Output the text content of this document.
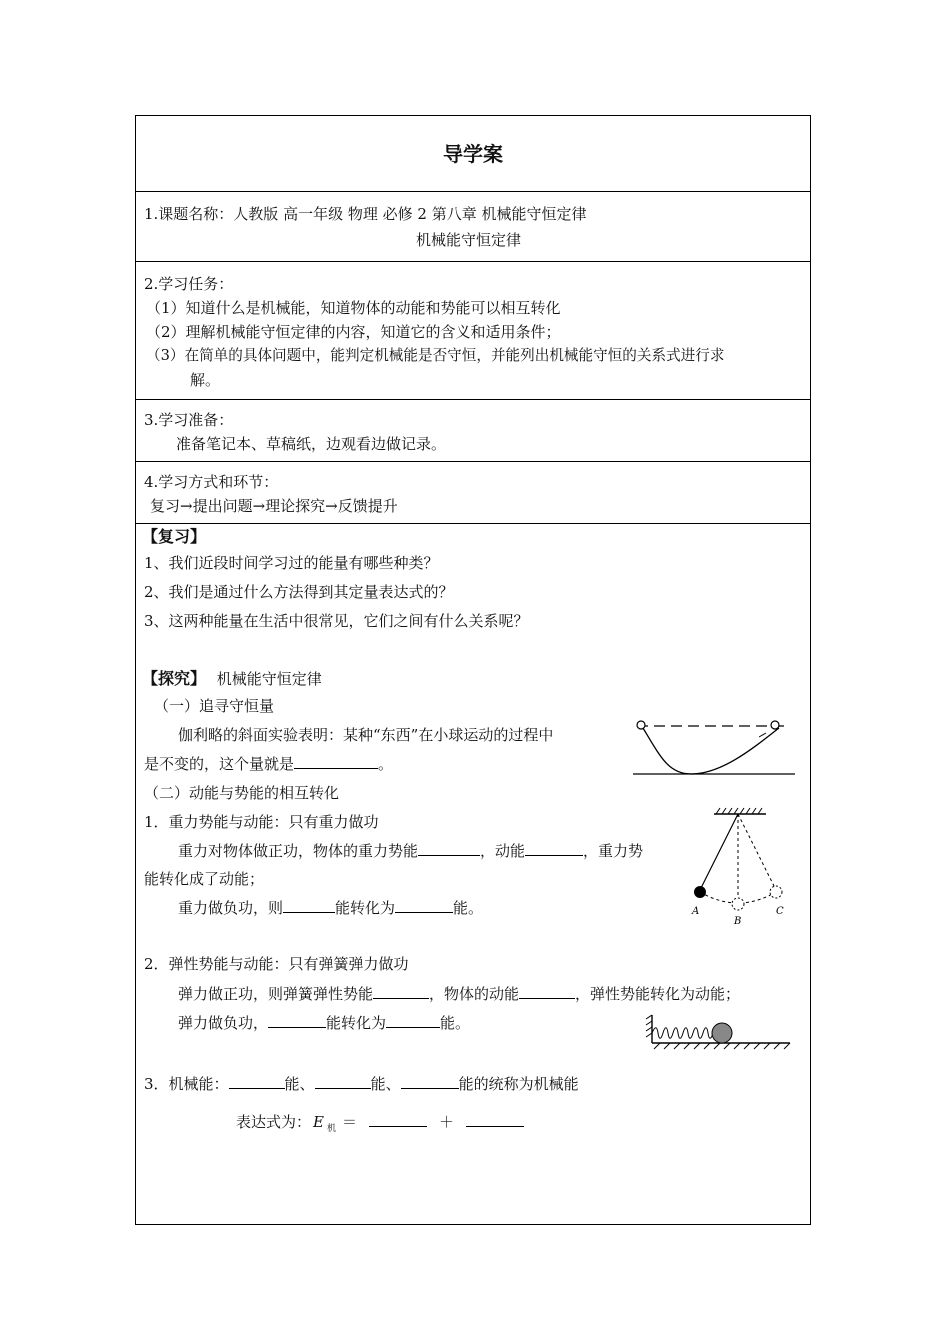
导学案
1.课题名称：人教版 高一年级 物理 必修 2 第八章 机械能守恒定律
机械能守恒定律
2.学习任务：
（1）知道什么是机械能，知道物体的动能和势能可以相互转化
（2）理解机械能守恒定律的内容，知道它的含义和适用条件；
（3）在简单的具体问题中，能判定机械能是否守恒，并能列出机械能守恒的关系式进行求
解。
3.学习准备：
准备笔记本、草稿纸，边观看边做记录。
4.学习方式和环节：
复习→提出问题→理论探究→反馈提升
【复习】
1、我们近段时间学习过的能量有哪些种类？
2、我们是通过什么方法得到其定量表达式的？
3、这两种能量在生活中很常见，它们之间有什么关系呢？
【探究】 机械能守恒定律
（一）追寻守恒量
伽利略的斜面实验表明：某种“东西”在小球运动的过程中
是不变的，这个量就是	。
（二）动能与势能的相互转化
1．重力势能与动能：只有重力做功
重力对物体做正功，物体的重力势能	，动能	，重力势
能转化成了动能；
重力做负功，则	能转化为	能。	A
B
C
2．弹性势能与动能：只有弹簧弹力做功
弹力做正功，则弹簧弹性势能	，物体的动能	，弹性势能转化为动能；
弹力做负功，	能转化为	能。
3．机械能：	能、	能、	能的统称为机械能
表达式为： E $_机$ ＝	＋
